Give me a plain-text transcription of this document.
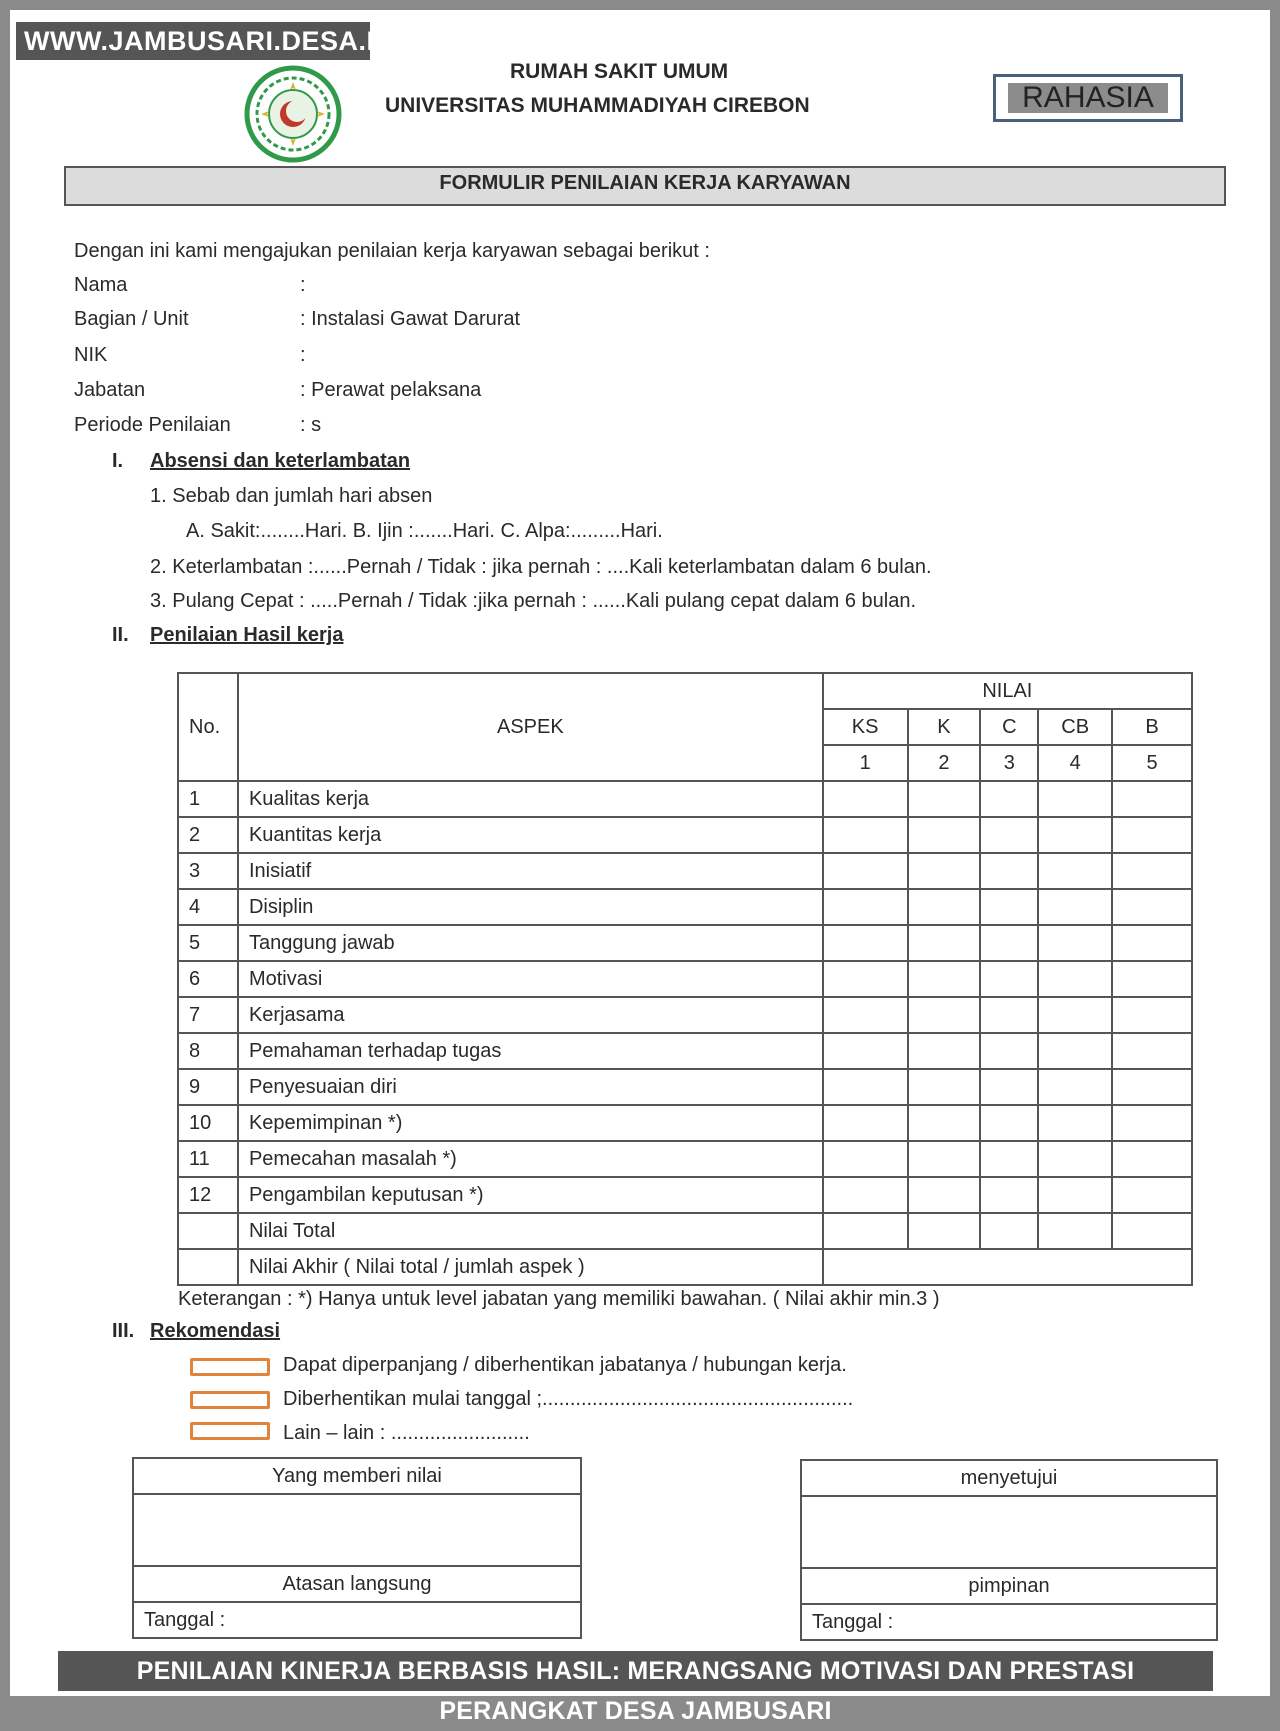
RUMAH SAKIT UMUM
UNIVERSITAS MUHAMMADIYAH CIREBON	RAHASIA
FORMULIR PENILAIAN KERJA KARYAWAN
Dengan ini kami mengajukan penilaian kerja karyawan sebagai berikut :
Nama	:
Bagian / Unit	: Instalasi Gawat Darurat
NIK	:
Jabatan	: Perawat pelaksana
Periode Penilaian	: s
I. Absensi dan keterlambatan
1. Sebab dan jumlah hari absen
A. Sakit:........Hari. B. Ijin :.......Hari. C. Alpa:.........Hari.
2. Keterlambatan :......Pernah / Tidak : jika pernah : ....Kali keterlambatan dalam 6 bulan.
3. Pulang Cepat : .....Pernah / Tidak :jika pernah : ......Kali pulang cepat dalam 6 bulan.
II. Penilaian Hasil kerja
No.	ASPEK	NILAI				
		KS	K	C	CB	B
		1	2	3	4	5
1	Kualitas kerja					
2	Kuantitas kerja					
3	Inisiatif					
4	Disiplin					
5	Tanggung jawab					
6	Motivasi					
7	Kerjasama					
8	Pemahaman terhadap tugas					
9	Penyesuaian diri					
10	Kepemimpinan *)					
11	Pemecahan masalah *)					
12	Pengambilan keputusan *)					
	Nilai Total					
	Nilai Akhir ( Nilai total / jumlah aspek )					
Keterangan : *) Hanya untuk level jabatan yang memiliki bawahan. ( Nilai akhir min.3 )
III. Rekomendasi
Dapat diperpanjang / diberhentikan jabatanya / hubungan kerja.
Diberhentikan mulai tanggal ;........................................................
Lain – lain : .........................
Yang memberi nilai

Atasan langsung
Tanggal :
menyetujui

pimpinan
Tanggal :
WWW.JAMBUSARI.DESA.ID
PENILAIAN KINERJA BERBASIS HASIL: MERANGSANG MOTIVASI DAN PRESTASI PERANGKAT DESA JAMBUSARI
